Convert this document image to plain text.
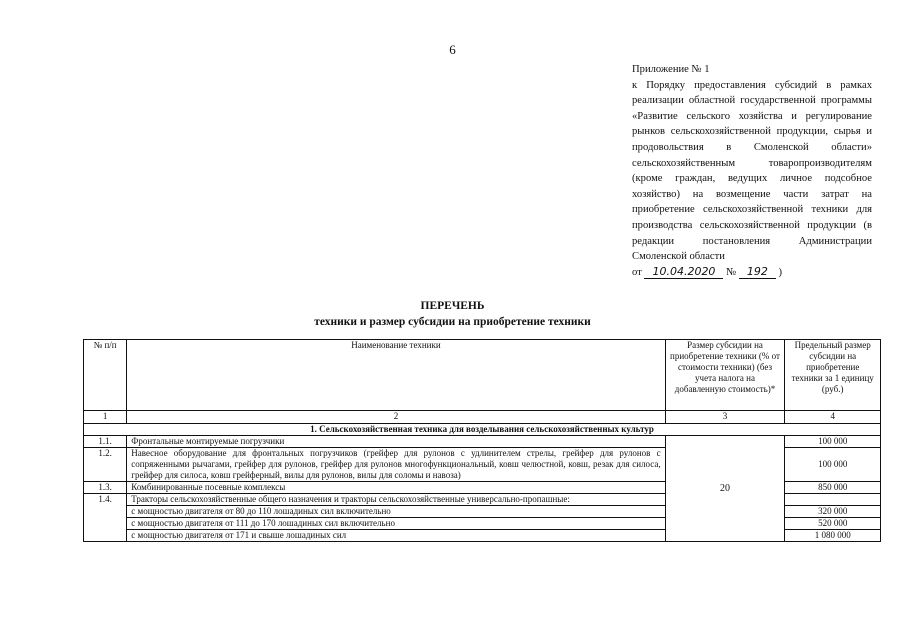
6
Приложение № 1
к Порядку предоставления субсидий в рамках реализации областной государственной программы «Развитие сельского хозяйства и регулирование рынков сельскохозяйственной продукции, сырья и продовольствия в Смоленской области» сельскохозяйственным товаропроизводителям (кроме граждан, ведущих личное подсобное хозяйство) на возмещение части затрат на приобретение сельскохозяйственной техники для производства сельскохозяйственной продукции (в редакции постановления Администрации Смоленской области
от 10.04.2020 № 192 )
ПЕРЕЧЕНЬ
техники и размер субсидии на приобретение техники
№ п/п	Наименование техники	Размер субсидии на приобретение техники (% от стоимости техники) (без учета налога на добавленную стоимость)*	Предельный размер субсидии на приобретение техники за 1 единицу (руб.)
1	2	3	4
1. Сельскохозяйственная техника для возделывания сельскохозяйственных культур			
1.1.	Фронтальные монтируемые погрузчики	20	100 000
1.2.	Навесное оборудование для фронтальных погрузчиков (грейфер для рулонов с удлинителем стрелы, грейфер для рулонов с сопряженными рычагами, грейфер для рулонов, грейфер для рулонов многофункциональный, ковш челюстной, ковш, резак для силоса, грейфер для силоса, ковш грейферный, вилы для рулонов, вилы для соломы и навоза)		100 000
1.3.	Комбинированные посевные комплексы		850 000
1.4.	Тракторы сельскохозяйственные общего назначения и тракторы сельскохозяйственные универсально-пропашные:		
	с мощностью двигателя от 80 до 110 лошадиных сил включительно		320 000
	с мощностью двигателя от 111 до 170 лошадиных сил включительно		520 000
	с мощностью двигателя от 171 и свыше лошадиных сил		1 080 000
